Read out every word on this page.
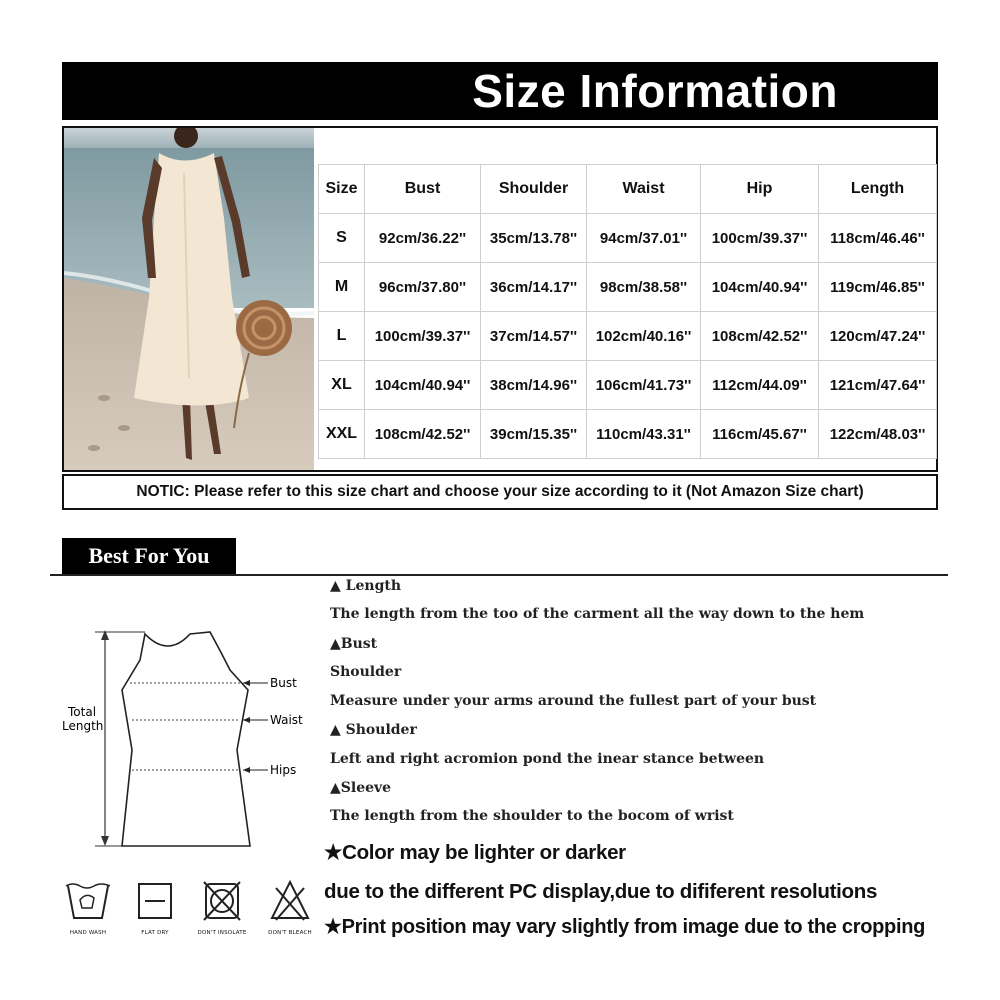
Size Information
Size	Bust	Shoulder	Waist	Hip	Length
S	92cm/36.22''	35cm/13.78''	94cm/37.01''	100cm/39.37''	118cm/46.46''
M	96cm/37.80''	36cm/14.17''	98cm/38.58''	104cm/40.94''	119cm/46.85''
L	100cm/39.37''	37cm/14.57''	102cm/40.16''	108cm/42.52''	120cm/47.24''
XL	104cm/40.94''	38cm/14.96''	106cm/41.73''	112cm/44.09''	121cm/47.64''
XXL	108cm/42.52''	39cm/15.35''	110cm/43.31''	116cm/45.67''	122cm/48.03''
NOTIC: Please refer to this size chart and choose your size according to it (Not Amazon Size chart)
Best For You
Bust
Waist
Hips
Total
Length
HAND WASH	FLAT DRY	DON'T INSOLATE	DON'T BLEACH
▲ Length
The length from the too of the carment all the way down to the hem
▲Bust
Shoulder
Measure under your arms around the fullest part of your bust
▲ Shoulder
Left and right acromion pond the inear stance between
▲Sleeve
The length from the shoulder to the bocom of wrist
★Color may be lighter or darker
due to the different PC display,due to dififerent resolutions
★Print position may vary slightly from image due to the cropping
